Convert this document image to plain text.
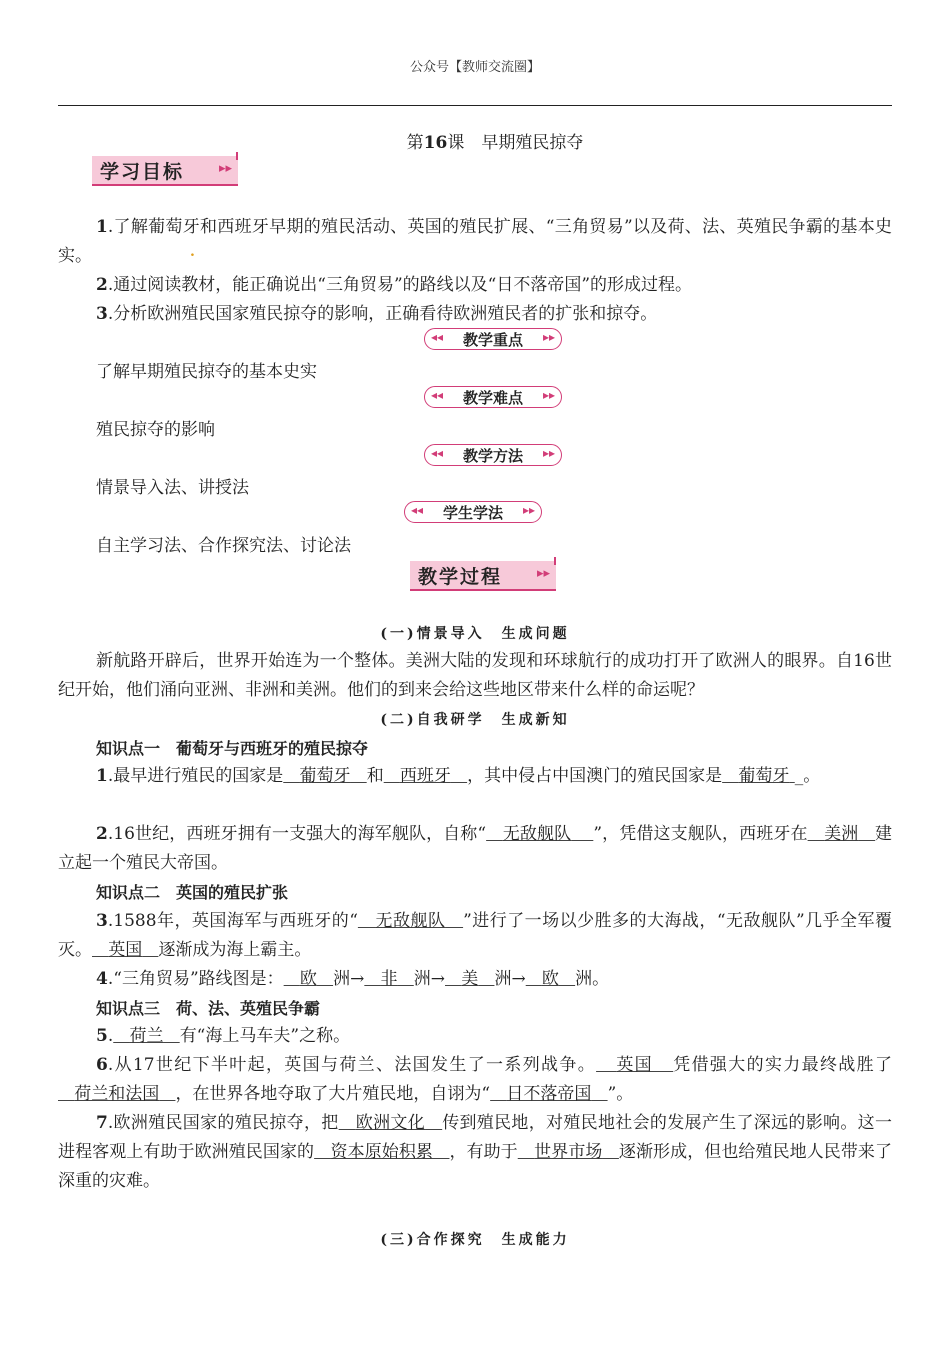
公众号【教师交流圈】
第16课　 早期殖民掠夺
学习目标	▸▸
1.了解葡萄牙和西班牙早期的殖民活动、英国的殖民扩展、“三角贸易”以及荷、法、英殖民争霸的基本史实。	.
2.通过阅读教材，能正确说出“三角贸易”的路线以及“日不落帝国”的形成过程。
3.分析欧洲殖民国家殖民掠夺的影响，正确看待欧洲殖民者的扩张和掠夺。
◂◂	教学重点	▸▸
了解早期殖民掠夺的基本史实
◂◂	教学难点	▸▸
殖民掠夺的影响
◂◂	教学方法	▸▸
情景导入法、讲授法
◂◂	学生学法	▸▸
自主学习法、合作探究法、讨论法
教学过程	▸▸
(一)情景导入　生成问题
新航路开辟后，世界开始连为一个整体。美洲大陆的发现和环球航行的成功打开了欧洲人的眼界。自16世纪开始，他们涌向亚洲、非洲和美洲。他们的到来会给这些地区带来什么样的命运呢？
(二)自我研学　生成新知
知识点一　葡萄牙与西班牙的殖民掠夺
1.最早进行殖民的国家是 葡萄牙 和 西班牙 ，其中侵占中国澳门的殖民国家是 葡萄牙 _。
2.16世纪，西班牙拥有一支强大的海军舰队，自称“ 无敌舰队 ”，凭借这支舰队，西班牙在 美洲 建立起一个殖民大帝国。
知识点二　英国的殖民扩张
3.1588年，英国海军与西班牙的“ 无敌舰队 ”进行了一场以少胜多的大海战，“无敌舰队”几乎全军覆灭。 英国 逐渐成为海上霸主。
4.“三角贸易”路线图是： 欧 洲→ 非 洲→ 美 洲→ 欧 洲。
知识点三　荷、法、英殖民争霸
5. 荷兰 有“海上马车夫”之称。
6.从17世纪下半叶起，英国与荷兰、法国发生了一系列战争。 英国 凭借强大的实力最终战胜了   荷兰和法国 ，在世界各地夺取了大片殖民地，自诩为“ 日不落帝国 ”。
7.欧洲殖民国家的殖民掠夺，把 欧洲文化 传到殖民地，对殖民地社会的发展产生了深远的影响。这一进程客观上有助于欧洲殖民国家的 资本原始积累 ，有助于 世界市场 逐渐形成，但也给殖民地人民带来了深重的灾难。
(三)合作探究　生成能力
